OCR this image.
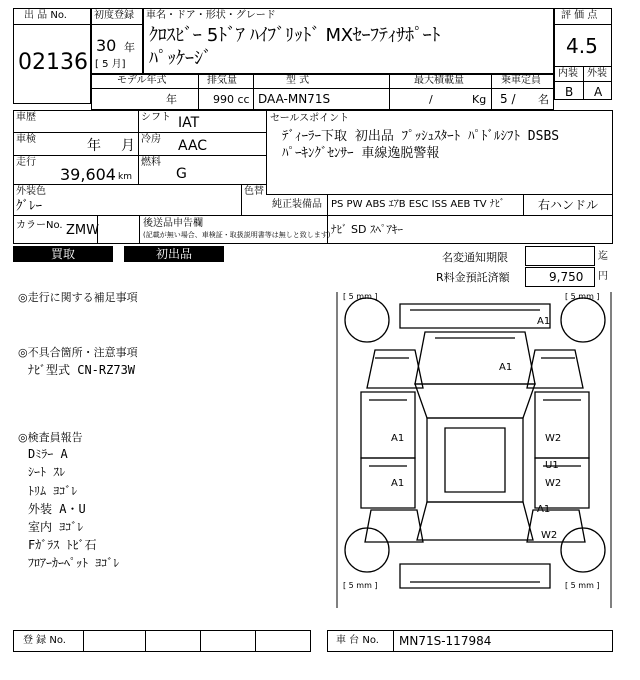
出 品 No.
02136
初度登録
30 年
[ 5 月]
車名・ドア・形状・グレード
ｸﾛｽﾋﾞｰ 5ﾄﾞｱ ﾊｲﾌﾞﾘｯﾄﾞ MXｾｰﾌﾃｨｻﾎﾟｰﾄ
ﾊﾟｯｹｰｼﾞ
評 価 点
4.5
内装 外装
B A
モデル年式	排気量	型 式	最大積載量	乗車定員
年	990 cc DAA-MN71S	/	Kg 5 / 名
車歴
車検	年 月
走行
39,604 km
シフト IAT
冷房 AAC
燃料
G
セールスポイント
ﾃﾞｨｰﾗｰ下取 初出品 ﾌﾟｯｼｭｽﾀｰﾄ ﾊﾟﾄﾞﾙｼﾌﾄ DSBS
ﾊﾟｰｷﾝｸﾞｾﾝｻｰ 車線逸脱警報
外装色
ｸﾞﾚｰ
色替
純正装備品 PS PW ABS ｴｱB ESC ISS AEB TV ﾅﾋﾞ	右ハンドル
カラーNo. ZMW	後送品申告欄
(記載が無い場合、車検証・取扱説明書等は無しと致します) ﾅﾋﾞ SD ｽﾍﾟｱｷｰ
買取	初出品	名変通知期限	迄
R料金預託済額	9,750 円
◎走行に関する補足事項
◎不具合箇所・注意事項
ﾅﾋﾞ型式 CN-RZ73W
◎検査員報告
Dﾐﾗｰ A
ｼｰﾄ ｽﾚ
ﾄﾘﾑ ﾖｺﾞﾚ
外装 A・U
室内 ﾖｺﾞﾚ
Fｶﾞﾗｽ ﾄﾋﾞ石
ﾌﾛｱｰｶｰﾍﾟｯﾄ ﾖｺﾞﾚ
[ 5 mm ]	[ 5 mm ]
[ 5 mm ]	[ 5 mm ]
A1
A1
A1
A1
W2
U1
W2
A1
W2
登 録 No.	車 台 No. MN71S-117984
